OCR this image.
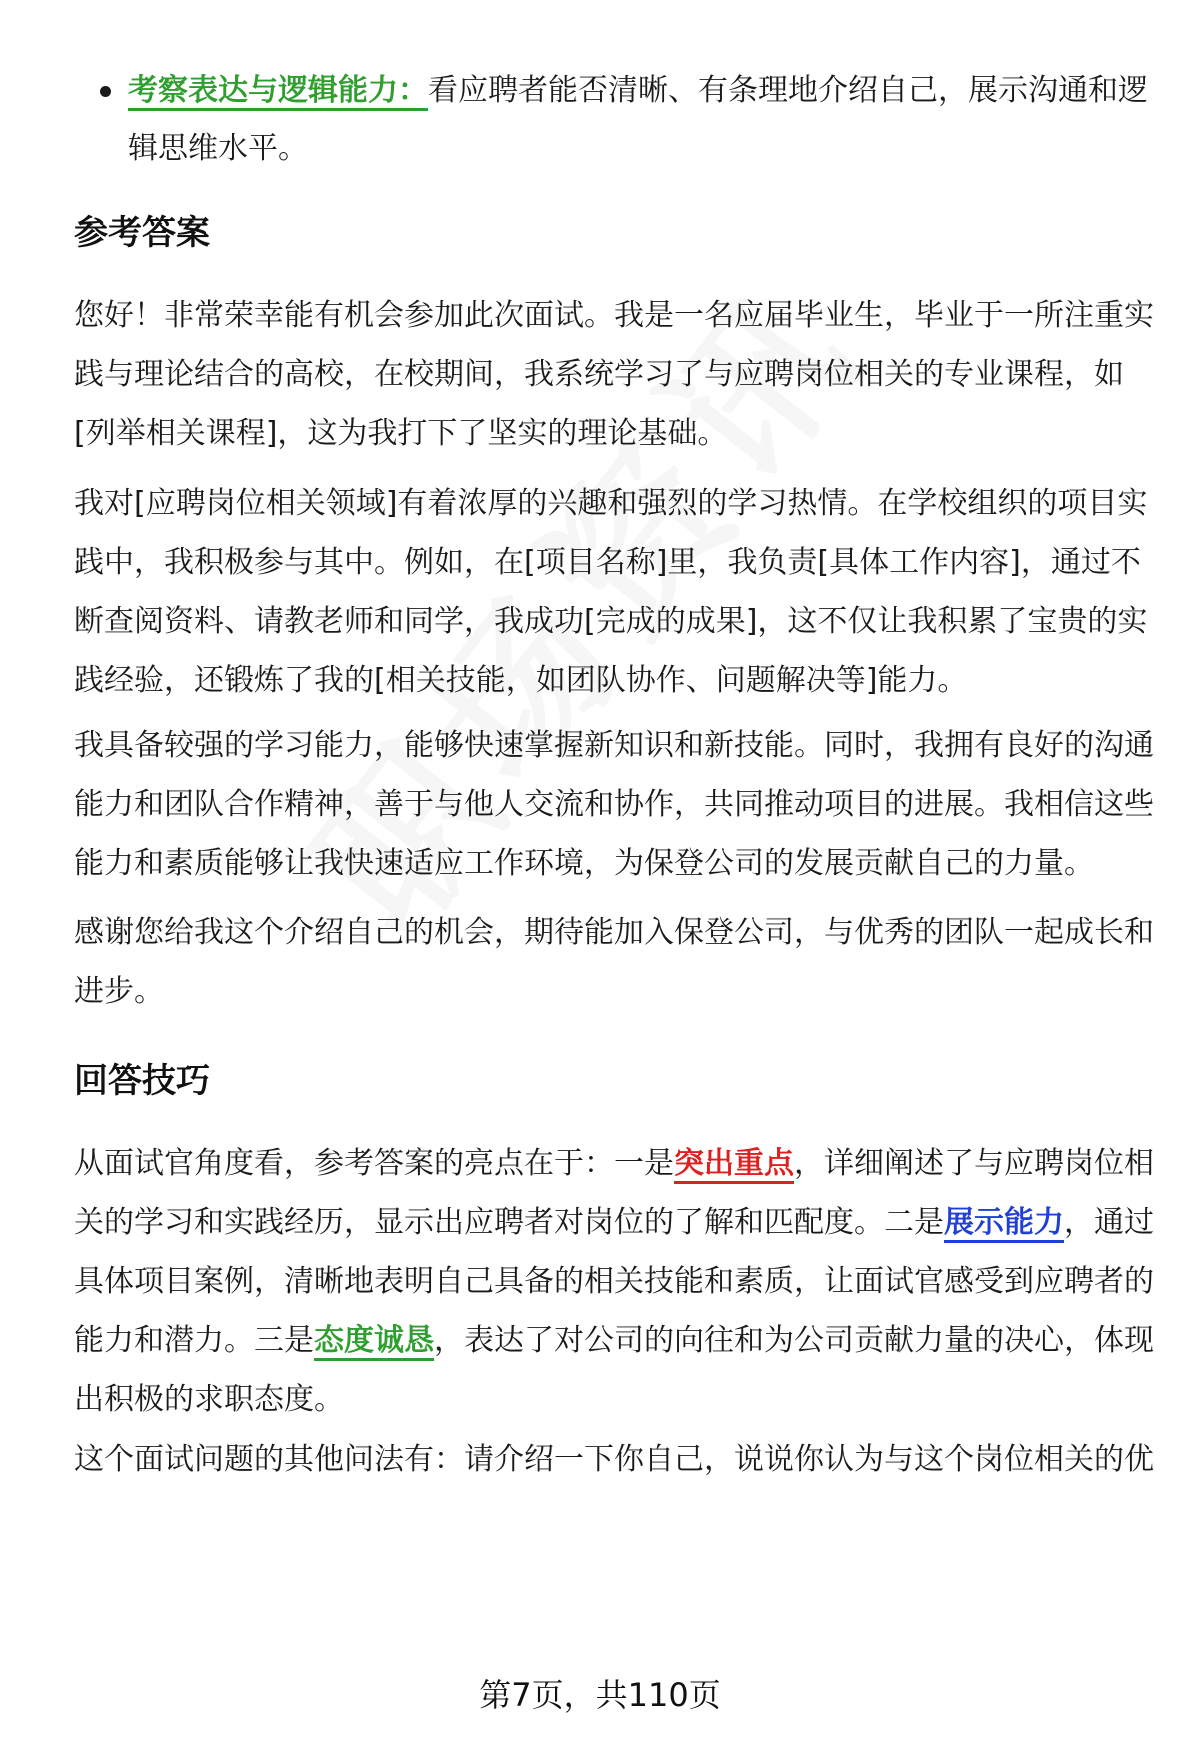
考察表达与逻辑能力：看应聘者能否清晰、有条理地介绍自己，展示沟通和逻辑思维水平。
参考答案

您好！非常荣幸能有机会参加此次面试。我是一名应届毕业生，毕业于一所注重实践与理论结合的高校，在校期间，我系统学习了与应聘岗位相关的专业课程，如[列举相关课程]，这为我打下了坚实的理论基础。

我对[应聘岗位相关领域]有着浓厚的兴趣和强烈的学习热情。在学校组织的项目实践中，我积极参与其中。例如，在[项目名称]里，我负责[具体工作内容]，通过不断查阅资料、请教老师和同学，我成功[完成的成果]，这不仅让我积累了宝贵的实践经验，还锻炼了我的[相关技能，如团队协作、问题解决等]能力。

我具备较强的学习能力，能够快速掌握新知识和新技能。同时，我拥有良好的沟通能力和团队合作精神，善于与他人交流和协作，共同推动项目的进展。我相信这些能力和素质能够让我快速适应工作环境，为保登公司的发展贡献自己的力量。

感谢您给我这个介绍自己的机会，期待能加入保登公司，与优秀的团队一起成长和进步。

回答技巧

从面试官角度看，参考答案的亮点在于：一是突出重点，详细阐述了与应聘岗位相关的学习和实践经历，显示出应聘者对岗位的了解和匹配度。二是展示能力，通过具体项目案例，清晰地表明自己具备的相关技能和素质，让面试官感受到应聘者的能力和潜力。三是态度诚恳，表达了对公司的向往和为公司贡献力量的决心，体现出积极的求职态度。

这个面试问题的其他问法有：请介绍一下你自己，说说你认为与这个岗位相关的优

第7页，共110页
